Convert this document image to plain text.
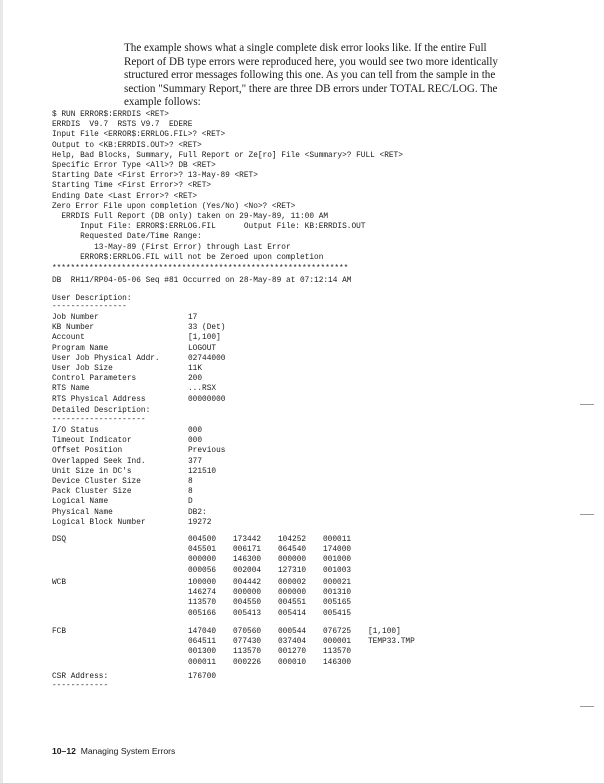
The example shows what a single complete disk error looks like. If the entire Full Report of DB type errors were reproduced here, you would see two more identically structured error messages following this one. As you can tell from the sample in the section "Summary Report," there are three DB errors under TOTAL REC/LOG. The example follows:

$ RUN ERROR$:ERRDIS <RET>
ERRDIS  V9.7  RSTS V9.7  EDERE
Input File <ERROR$:ERRLOG.FIL>? <RET>
Output to <KB:ERRDIS.OUT>? <RET>
Help, Bad Blocks, Summary, Full Report or Ze[ro] File <Summary>? FULL <RET>
Specific Error Type <All>? DB <RET>
Starting Date <First Error>? 13-May-89 <RET>
Starting Time <First Error>? <RET>
Ending Date <Last Error>? <RET>
Zero Error File upon completion (Yes/No) <No>? <RET>
ERRDIS Full Report (DB only) taken on 29-May-89, 11:00 AM
Input File: ERROR$:ERRLOG.FIL      Output File: KB:ERRDIS.OUT
Requested Date/Time Range:
13-May-89 (First Error) through Last Error
ERROR$:ERRLOG.FIL will not be Zeroed upon completion
****************************************************************
DB  RH11/RP04-05-06 Seq #81 Occurred on 28-May-89 at 07:12:14 AM
User Description:
----------------
Job Number	17
KB Number	33 (Det)
Account	[1,100]
Program Name	LOGOUT
User Job Physical Addr.	02744000
User Job Size	11K
Control Parameters	200
RTS Name	...RSX
RTS Physical Address	00000000
Detailed Description:
--------------------
I/O Status	000
Timeout Indicator	000
Offset Position	Previous
Overlapped Seek Ind.	377
Unit Size in DC's	121510
Device Cluster Size	8
Pack Cluster Size	8
Logical Name	D
Physical Name	DB2:
Logical Block Number	19272
DSQ	004500 173442 104252 000011
045501 006171 064540 174000
000000 146300 000000 001000
000056 002004 127310 001003
WCB	100000 004442 000002 000021
146274 000000 000000 001310
113570 004550 004551 005165
005166 005413 005414 005415
FCB	147040 070560 000544 076725 [1,100]
064511 077430 037404 000001 TEMP33.TMP
001300 113570 001270 113570
000011 000226 000010 146300
CSR Address:	176700
------------
10–12 Managing System Errors
